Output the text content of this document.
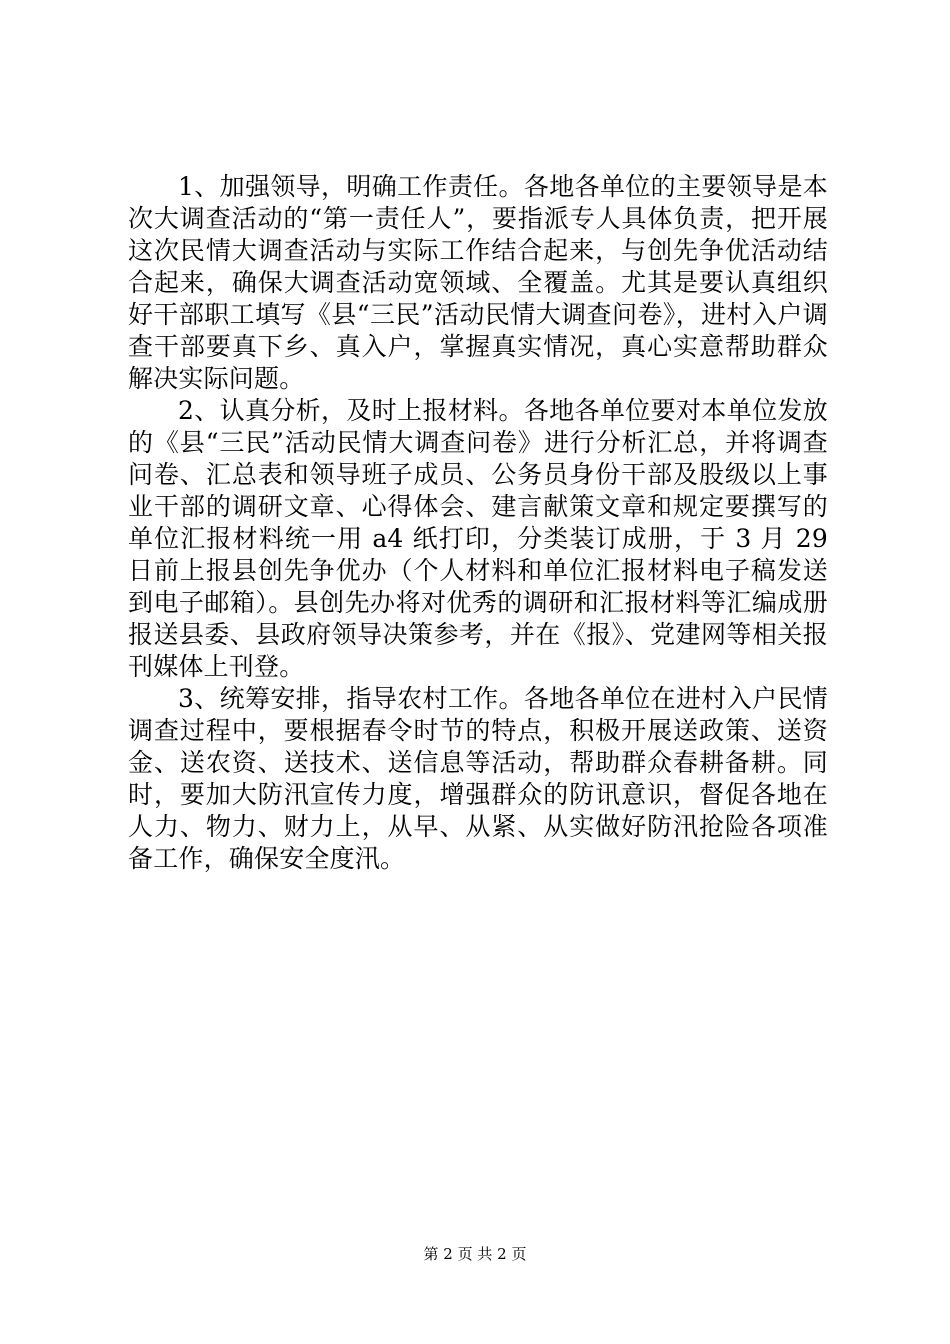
1、加强领导，明确工作责任。各地各单位的主要领导是本次大调查活动的“第一责任人”，要指派专人具体负责，把开展这次民情大调查活动与实际工作结合起来，与创先争优活动结合起来，确保大调查活动宽领域、全覆盖。尤其是要认真组织好干部职工填写《县“三民”活动民情大调查问卷》，进村入户调查干部要真下乡、真入户，掌握真实情况，真心实意帮助群众解决实际问题。

2、认真分析，及时上报材料。各地各单位要对本单位发放的《县“三民”活动民情大调查问卷》进行分析汇总，并将调查问卷、汇总表和领导班子成员、公务员身份干部及股级以上事业干部的调研文章、心得体会、建言献策文章和规定要撰写的单位汇报材料统一用 a4 纸打印，分类装订成册，于 3 月 29 日前上报县创先争优办（个人材料和单位汇报材料电子稿发送到电子邮箱）。县创先办将对优秀的调研和汇报材料等汇编成册报送县委、县政府领导决策参考，并在《报》、党建网等相关报刊媒体上刊登。

3、统筹安排，指导农村工作。各地各单位在进村入户民情调查过程中，要根据春令时节的特点，积极开展送政策、送资金、送农资、送技术、送信息等活动，帮助群众春耕备耕。同时，要加大防汛宣传力度，增强群众的防讯意识，督促各地在人力、物力、财力上，从早、从紧、从实做好防汛抢险各项准备工作，确保安全度汛。

第 2 页 共 2 页
